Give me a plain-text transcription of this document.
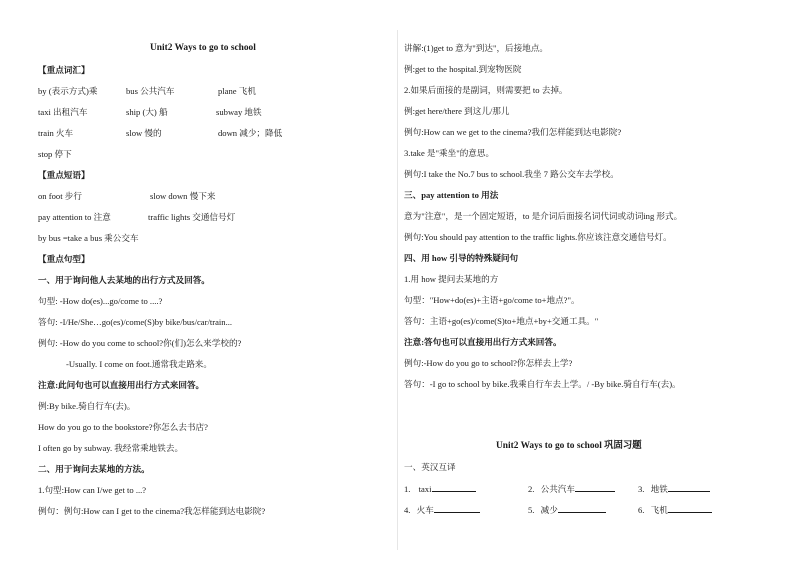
Unit2 Ways to go to school
【重点词汇】
by (表示方式)乘	bus 公共汽车	plane 飞机
taxi 出租汽车	ship (大) 船	subway 地铁
train 火车	slow 慢的	down 减少；降低
stop 停下
【重点短语】
on foot 步行	slow down 慢下来
pay attention to 注意	traffic lights 交通信号灯
by bus =take a bus 乘公交车
【重点句型】
一、用于询问他人去某地的出行方式及回答。
句型: -How do(es)...go/come to ....?
答句: -I/He/She…go(es)/come(S)by bike/bus/car/train...
例句: -How do you come to school?你(们)怎么来学校的?
-Usually. I come on foot.通常我走路来。
注意:此问句也可以直接用出行方式来回答。
例:By bike.骑自行车(去)。
How do you go to the bookstore?你怎么去书店?
I often go by subway. 我经常乘地铁去。
二、用于询问去某地的方法。
1.句型:How can I/we get to ...?
例句：例句:How can I get to the cinema?我怎样能到达电影院?
讲解:(1)get to 意为"到达"，后接地点。
例:get to the hospital.到宠物医院
2.如果后面接的是副词，则需要把 to 去掉。
例:get here/there 到这儿/那儿
例句:How can we get to the cinema?我们怎样能到达电影院?
3.take 是"乘坐"的意思。
例句:I take the No.7 bus to school.我坐 7 路公交车去学校。
三、pay attention to 用法
意为"注意"，是一个固定短语，to 是介词后面接名词代词或动词ing 形式。
例句:You should pay attention to the traffic lights.你应该注意交通信号灯。
四、用 how 引导的特殊疑问句
1.用 how 提问去某地的方
句型："How+do(es)+主语+go/come to+地点?"。
答句：主语+go(es)/come(S)to+地点+by+交通工具。"
注意:答句也可以直接用出行方式来回答。
例句:-How do you go to school?你怎样去上学?
答句：-I go to school by bike.我乘自行车去上学。/ -By bike.骑自行车(去)。
Unit2 Ways to go to school 巩固习题
一、英汉互译
1. taxi	2. 公共汽车	3. 地铁
4. 火车	5. 减少	6. 飞机
